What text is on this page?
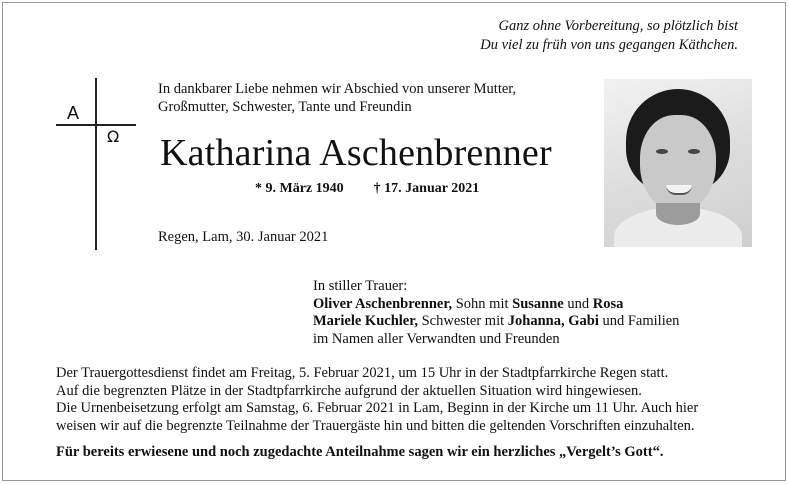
Ganz ohne Vorbereitung, so plötzlich bist
Du viel zu früh von uns gegangen Käthchen.
A
Ω
In dankbarer Liebe nehmen wir Abschied von unserer Mutter,
Großmutter, Schwester, Tante und Freundin
Katharina Aschenbrenner
* 9. März 1940 † 17. Januar 2021
Regen, Lam, 30. Januar 2021
In stiller Trauer:
Oliver Aschenbrenner, Sohn mit Susanne und Rosa
Mariele Kuchler, Schwester mit Johanna, Gabi und Familien
im Namen aller Verwandten und Freunden
Der Trauergottesdienst findet am Freitag, 5. Februar 2021, um 15 Uhr in der Stadtpfarrkirche Regen statt.
Auf die begrenzten Plätze in der Stadtpfarrkirche aufgrund der aktuellen Situation wird hingewiesen.
Die Urnenbeisetzung erfolgt am Samstag, 6. Februar 2021 in Lam, Beginn in der Kirche um 11 Uhr. Auch hier
weisen wir auf die begrenzte Teilnahme der Trauergäste hin und bitten die geltenden Vorschriften einzuhalten.
Für bereits erwiesene und noch zugedachte Anteilnahme sagen wir ein herzliches „Vergelt’s Gott“.
